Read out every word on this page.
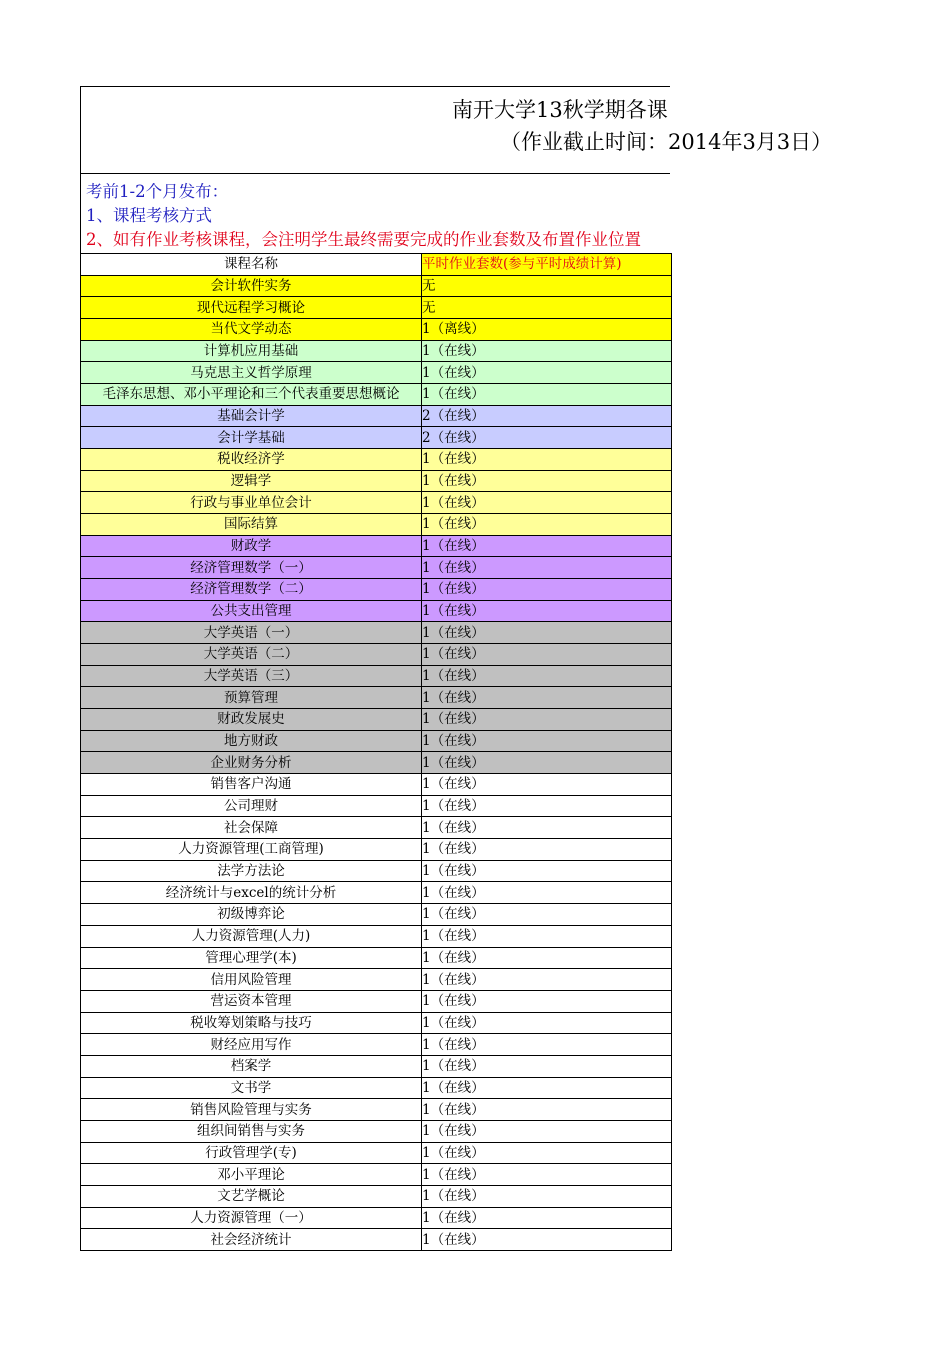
南开大学13秋学期各课
（作业截止时间：2014年3月3日）
考前1-2个月发布：
1、课程考核方式
2、如有作业考核课程，会注明学生最终需要完成的作业套数及布置作业位置
课程名称	平时作业套数(参与平时成绩计算)
会计软件实务	无
现代远程学习概论	无
当代文学动态	1（离线）
计算机应用基础	1（在线）
马克思主义哲学原理	1（在线）
毛泽东思想、邓小平理论和三个代表重要思想概论	1（在线）
基础会计学	2（在线）
会计学基础	2（在线）
税收经济学	1（在线）
逻辑学	1（在线）
行政与事业单位会计	1（在线）
国际结算	1（在线）
财政学	1（在线）
经济管理数学（一）	1（在线）
经济管理数学（二）	1（在线）
公共支出管理	1（在线）
大学英语（一）	1（在线）
大学英语（二）	1（在线）
大学英语（三）	1（在线）
预算管理	1（在线）
财政发展史	1（在线）
地方财政	1（在线）
企业财务分析	1（在线）
销售客户沟通	1（在线）
公司理财	1（在线）
社会保障	1（在线）
人力资源管理(工商管理)	1（在线）
法学方法论	1（在线）
经济统计与excel的统计分析	1（在线）
初级博弈论	1（在线）
人力资源管理(人力)	1（在线）
管理心理学(本)	1（在线）
信用风险管理	1（在线）
营运资本管理	1（在线）
税收筹划策略与技巧	1（在线）
财经应用写作	1（在线）
档案学	1（在线）
文书学	1（在线）
销售风险管理与实务	1（在线）
组织间销售与实务	1（在线）
行政管理学(专)	1（在线）
邓小平理论	1（在线）
文艺学概论	1（在线）
人力资源管理（一）	1（在线）
社会经济统计	1（在线）
